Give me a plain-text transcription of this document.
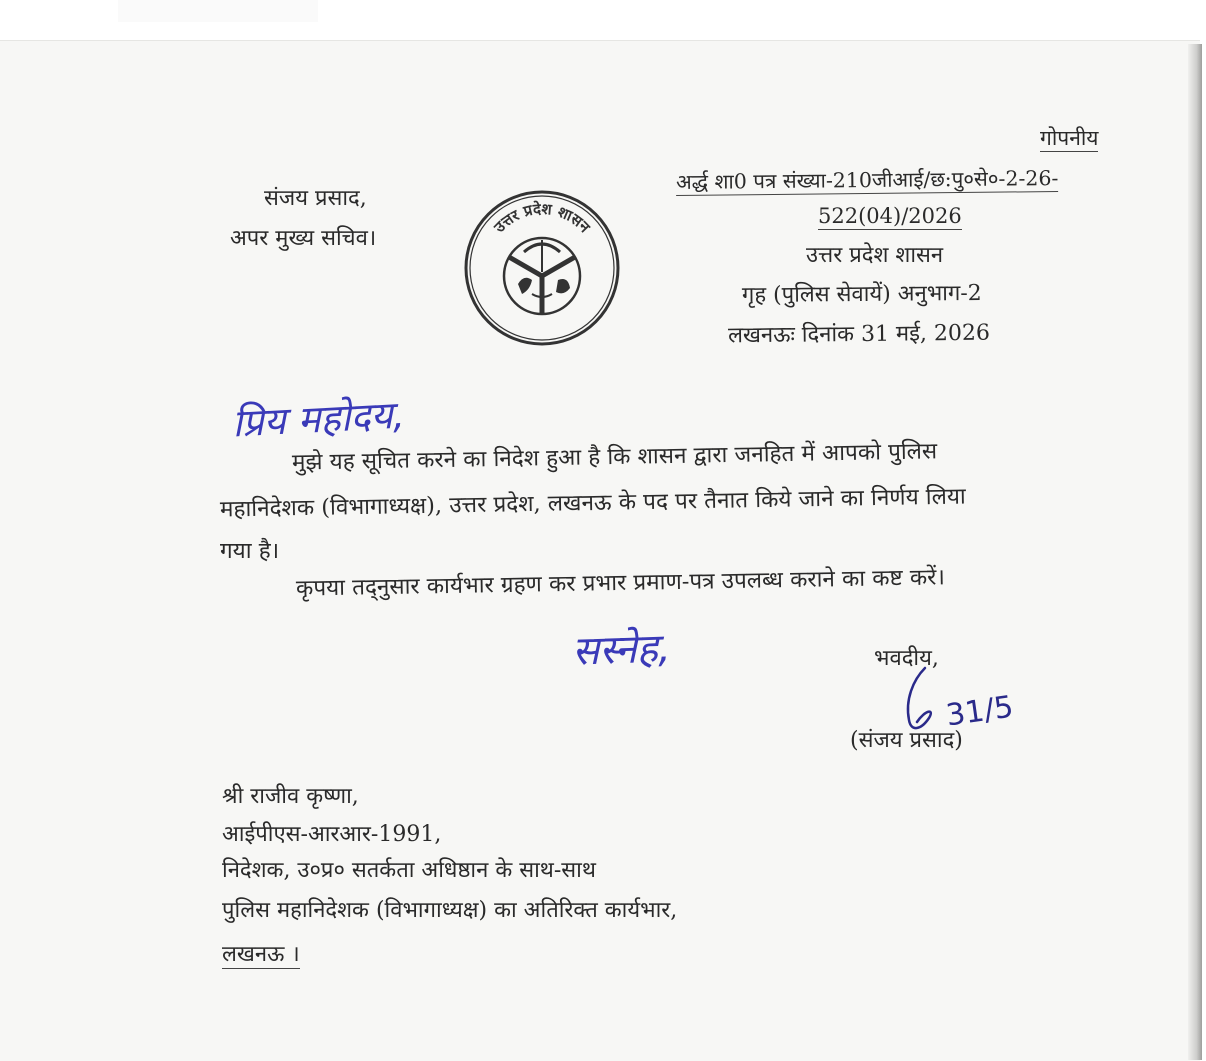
गोपनीय
अर्द्ध शा0 पत्र संख्या-210जीआई/छ:पु०से०-2-26-
522(04)/2026
उत्तर प्रदेश शासन
गृह (पुलिस सेवायें) अनुभाग-2
लखनऊः दिनांक 31 मई, 2026
संजय प्रसाद,
अपर मुख्य सचिव।	उत्तर प्रदेश शासन
प्रिय महोदय,
मुझे यह सूचित करने का निदेश हुआ है कि शासन द्वारा जनहित में आपको पुलिस
महानिदेशक (विभागाध्यक्ष), उत्तर प्रदेश, लखनऊ के पद पर तैनात किये जाने का निर्णय लिया
गया है।
कृपया तद्नुसार कार्यभार ग्रहण कर प्रभार प्रमाण-पत्र उपलब्ध कराने का कष्ट करें।
सस्नेह,	भवदीय,
31/5
(संजय प्रसाद)
श्री राजीव कृष्णा,
आईपीएस-आरआर-1991,
निदेशक, उ०प्र० सतर्कता अधिष्ठान के साथ-साथ
पुलिस महानिदेशक (विभागाध्यक्ष) का अतिरिक्त कार्यभार,
लखनऊ ।
